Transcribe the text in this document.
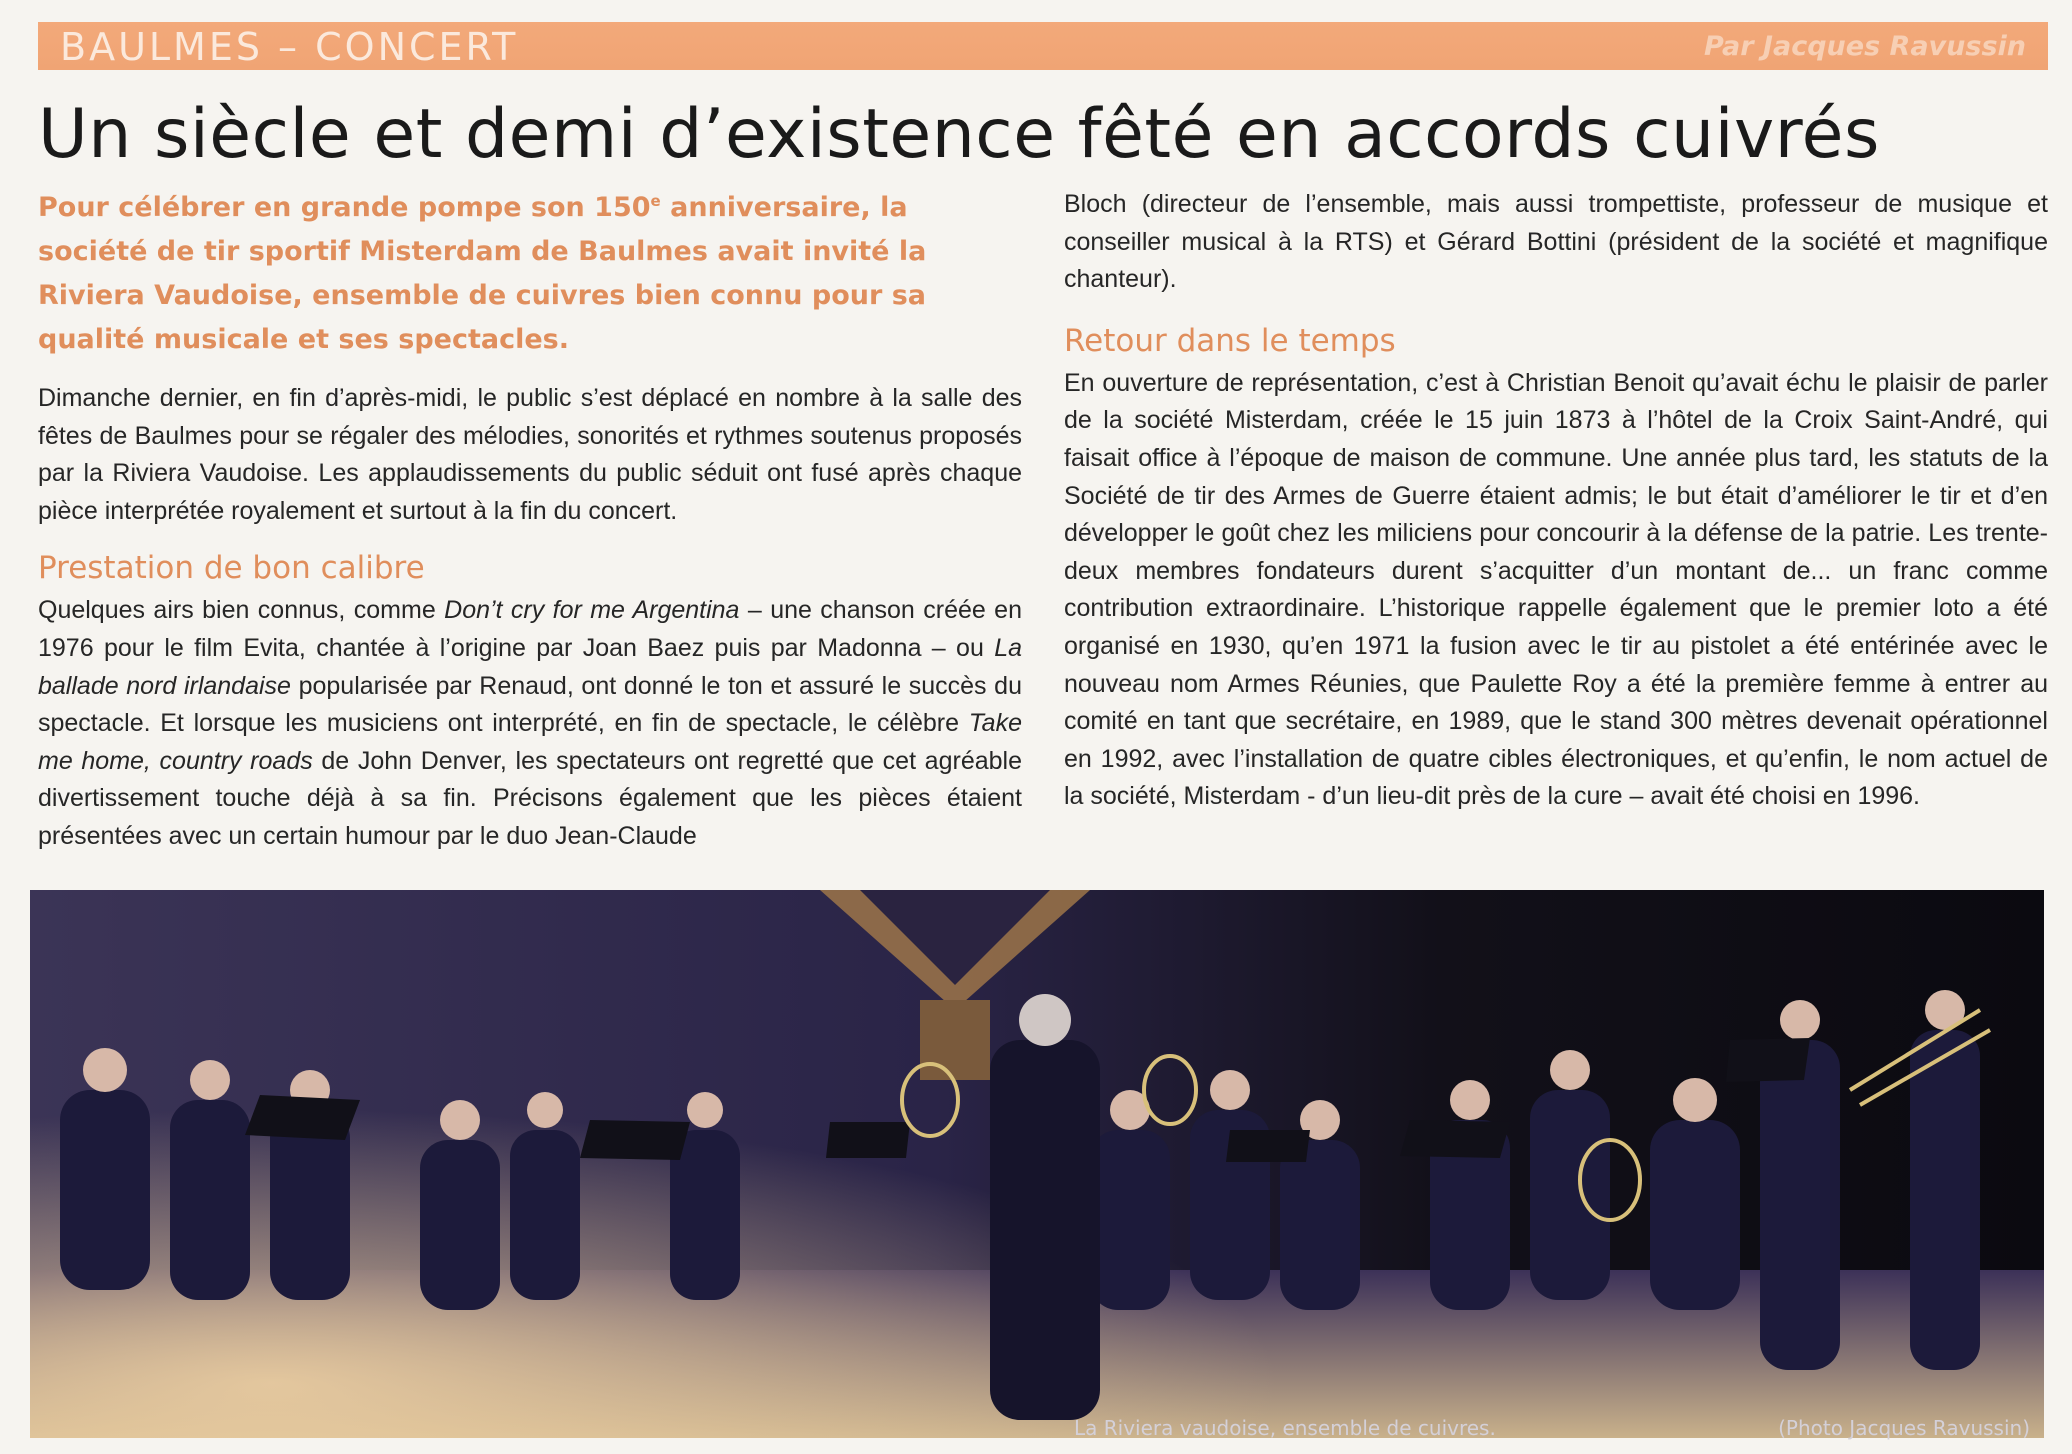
BAULMES – CONCERT	Par Jacques Ravussin
Un siècle et demi d’existence fêté en accords cuivrés

Pour célébrer en grande pompe son 150e anniversaire, la société de tir sportif Misterdam de Baulmes avait invité la Riviera Vaudoise, ensemble de cuivres bien connu pour sa qualité musicale et ses spectacles.

Dimanche dernier, en fin d’après-midi, le public s’est déplacé en nombre à la salle des fêtes de Baulmes pour se régaler des mélodies, sonorités et rythmes soutenus proposés par la Riviera Vaudoise. Les applaudissements du public séduit ont fusé après chaque pièce interprétée royalement et surtout à la fin du concert.

Prestation de bon calibre

Quelques airs bien connus, comme Don’t cry for me Argentina – une chanson créée en 1976 pour le film Evita, chantée à l’origine par Joan Baez puis par Madonna – ou La ballade nord irlandaise popularisée par Renaud, ont donné le ton et assuré le succès du spectacle. Et lorsque les musiciens ont interprété, en fin de spectacle, le célèbre Take me home, country roads de John Denver, les spectateurs ont regretté que cet agréable divertissement touche déjà à sa fin. Précisons également que les pièces étaient présentées avec un certain humour par le duo Jean-Claude

Bloch (directeur de l’ensemble, mais aussi trompettiste, professeur de musique et conseiller musical à la RTS) et Gérard Bottini (président de la société et magnifique chanteur).

Retour dans le temps

En ouverture de représentation, c’est à Christian Benoit qu’avait échu le plaisir de parler de la société Misterdam, créée le 15 juin 1873 à l’hôtel de la Croix Saint-André, qui faisait office à l’époque de maison de commune. Une année plus tard, les statuts de la Société de tir des Armes de Guerre étaient admis; le but était d’améliorer le tir et d’en développer le goût chez les miliciens pour concourir à la défense de la patrie. Les trente-deux membres fondateurs durent s’acquitter d’un montant de... un franc comme contribution extraordinaire. L’historique rappelle également que le premier loto a été organisé en 1930, qu’en 1971 la fusion avec le tir au pistolet a été entérinée avec le nouveau nom Armes Réunies, que Paulette Roy a été la première femme à entrer au comité en tant que secrétaire, en 1989, que le stand 300 mètres devenait opérationnel en 1992, avec l’installation de quatre cibles électroniques, et qu’enfin, le nom actuel de la société, Misterdam - d’un lieu-dit près de la cure – avait été choisi en 1996.

La Riviera vaudoise, ensemble de cuivres.	(Photo Jacques Ravussin)
